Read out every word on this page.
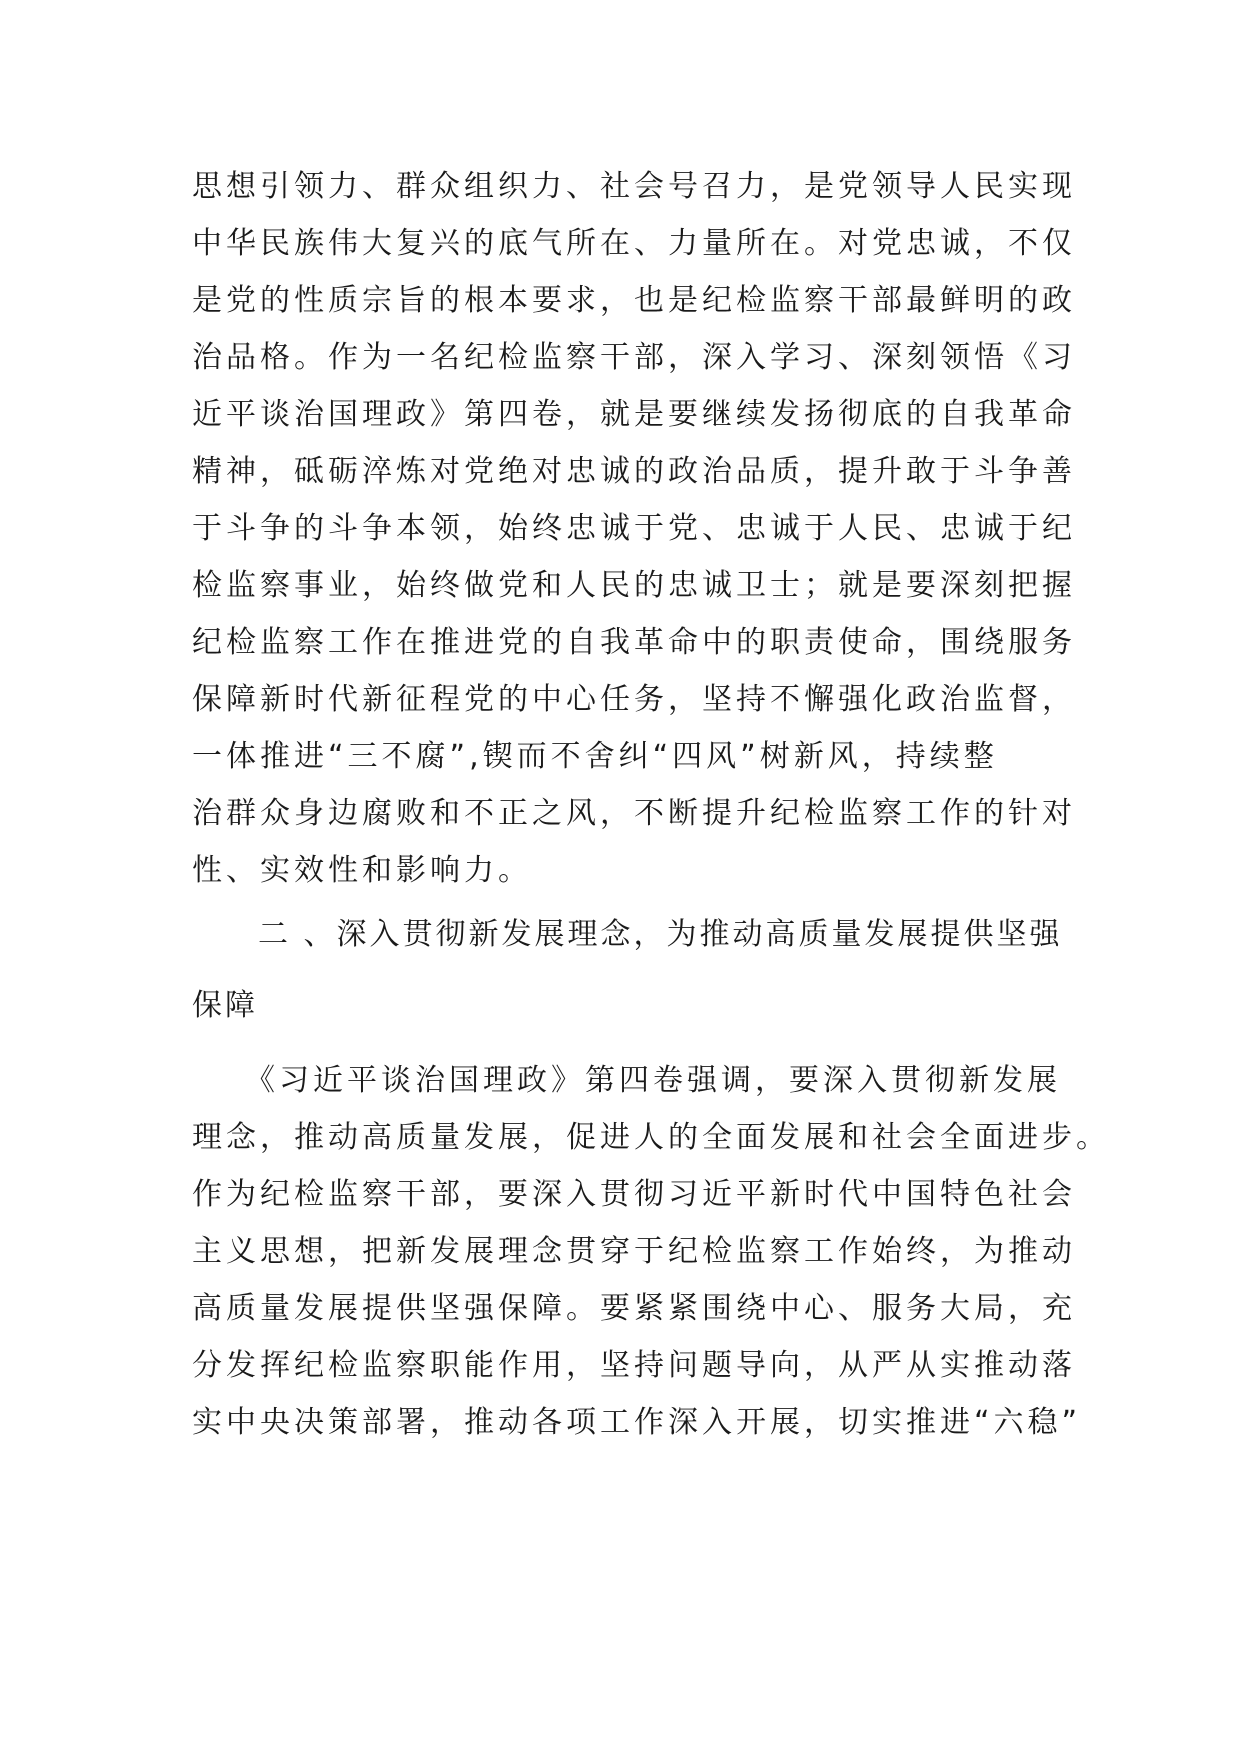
思想引领力、群众组织力、社会号召力，是党领导人民实现
中华民族伟大复兴的底气所在、力量所在。对党忠诚，不仅
是党的性质宗旨的根本要求，也是纪检监察干部最鲜明的政
治品格。作为一名纪检监察干部，深入学习、深刻领悟《习
近平谈治国理政》第四卷，就是要继续发扬彻底的自我革命
精神，砥砺淬炼对党绝对忠诚的政治品质，提升敢于斗争善
于斗争的斗争本领，始终忠诚于党、忠诚于人民、忠诚于纪
检监察事业，始终做党和人民的忠诚卫士；就是要深刻把握
纪检监察工作在推进党的自我革命中的职责使命，围绕服务
保障新时代新征程党的中心任务，坚持不懈强化政治监督，
一体推进“三不腐”,锲而不舍纠“四风”树新风，持续整
治群众身边腐败和不正之风，不断提升纪检监察工作的针对
性、实效性和影响力。
　　二 、深入贯彻新发展理念，为推动高质量发展提供坚强
保障
　　《习近平谈治国理政》第四卷强调，要深入贯彻新发展
理念，推动高质量发展，促进人的全面发展和社会全面进步。
作为纪检监察干部，要深入贯彻习近平新时代中国特色社会
主义思想，把新发展理念贯穿于纪检监察工作始终，为推动
高质量发展提供坚强保障。要紧紧围绕中心、服务大局，充
分发挥纪检监察职能作用，坚持问题导向，从严从实推动落
实中央决策部署，推动各项工作深入开展，切实推进“六稳”
